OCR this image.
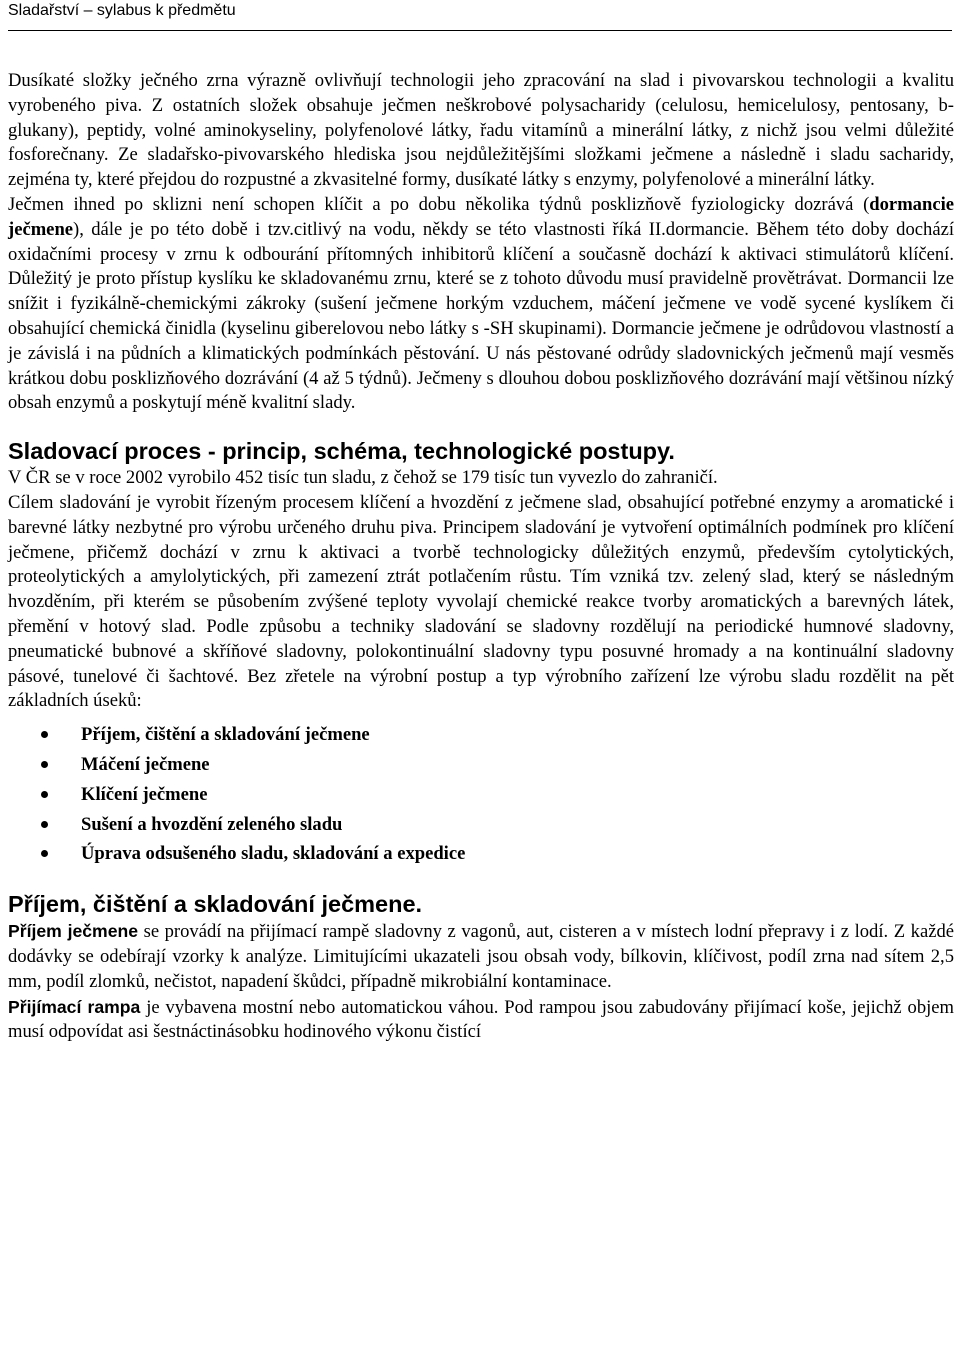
Sladařství – sylabus k předmětu

Dusíkaté složky ječného zrna výrazně ovlivňují technologii jeho zpracování na slad i pivovarskou technologii a kvalitu vyrobeného piva. Z ostatních složek obsahuje ječmen neškrobové polysacharidy (celulosu, hemicelulosy, pentosany, b-glukany), peptidy, volné aminokyseliny, polyfenolové látky, řadu vitamínů a minerální látky, z nichž jsou velmi důležité fosforečnany. Ze sladařsko-pivovarského hlediska jsou nejdůležitějšími složkami ječmene a následně i sladu sacharidy, zejména ty, které přejdou do rozpustné a zkvasitelné formy, dusíkaté látky s enzymy, polyfenolové a minerální látky.

Ječmen ihned po sklizni není schopen klíčit a po dobu několika týdnů posklizňově fyziologicky dozrává (dormancie ječmene), dále je po této době i tzv.citlivý na vodu, někdy se této vlastnosti říká II.dormancie. Během této doby dochází oxidačními procesy v zrnu k odbourání přítomných inhibitorů klíčení a současně dochází k aktivaci stimulátorů klíčení. Důležitý je proto přístup kyslíku ke skladovanému zrnu, které se z tohoto důvodu musí pravidelně provětrávat. Dormancii lze snížit i fyzikálně-chemickými zákroky (sušení ječmene horkým vzduchem, máčení ječmene ve vodě sycené kyslíkem či obsahující chemická činidla (kyselinu giberelovou nebo látky s -SH skupinami). Dormancie ječmene je odrůdovou vlastností a je závislá i na půdních a klimatických podmínkách pěstování. U nás pěstované odrůdy sladovnických ječmenů mají vesměs krátkou dobu posklizňového dozrávání (4 až 5 týdnů). Ječmeny s dlouhou dobou posklizňového dozrávání mají většinou nízký obsah enzymů a poskytují méně kvalitní slady.

Sladovací proces - princip, schéma, technologické postupy.

V ČR se v roce 2002 vyrobilo 452 tisíc tun sladu, z čehož se 179 tisíc tun vyvezlo do zahraničí.

Cílem sladování je vyrobit řízeným procesem klíčení a hvozdění z ječmene slad, obsahující potřebné enzymy a aromatické i barevné látky nezbytné pro výrobu určeného druhu piva. Principem sladování je vytvoření optimálních podmínek pro klíčení ječmene, přičemž dochází v zrnu k aktivaci a tvorbě technologicky důležitých enzymů, především cytolytických, proteolytických a amylolytických, při zamezení ztrát potlačením růstu. Tím vzniká tzv. zelený slad, který se následným hvozděním, při kterém se působením zvýšené teploty vyvolají chemické reakce tvorby aromatických a barevných látek, přemění v hotový slad. Podle způsobu a techniky sladování se sladovny rozdělují na periodické humnové sladovny, pneumatické bubnové a skříňové sladovny, polokontinuální sladovny typu posuvné hromady a na kontinuální sladovny pásové, tunelové či šachtové. Bez zřetele na výrobní postup a typ výrobního zařízení lze výrobu sladu rozdělit na pět základních úseků:

Příjem, čištění a skladování ječmene
Máčení ječmene
Klíčení ječmene
Sušení a hvozdění zeleného sladu
Úprava odsušeného sladu, skladování a expedice
Příjem, čištění a skladování ječmene.

Příjem ječmene se provádí na přijímací rampě sladovny z vagonů, aut, cisteren a v místech lodní přepravy i z lodí. Z každé dodávky se odebírají vzorky k analýze. Limitujícími ukazateli jsou obsah vody, bílkovin, klíčivost, podíl zrna nad sítem 2,5 mm, podíl zlomků, nečistot, napadení škůdci, případně mikrobiální kontaminace.

Přijímací rampa je vybavena mostní nebo automatickou váhou. Pod rampou jsou zabudovány přijímací koše, jejichž objem musí odpovídat asi šestnáctinásobku hodinového výkonu čistící
